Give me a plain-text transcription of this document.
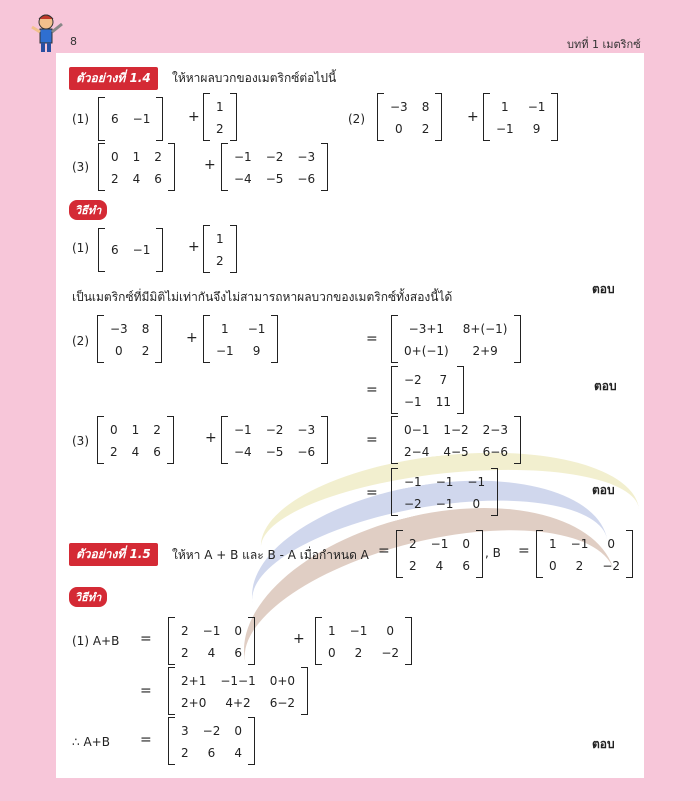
8	บทที่ 1 เมตริกซ์
ตัวอย่างที่ 1.4	ให้หาผลบวกของเมตริกซ์ต่อไปนี้
(1) 6 −1	+
1
2
(2)
−3 8
0	2
+
1	−1
−1	9
(3)
0 1 2
2 4 6
+ −1 −2 −3
−4 −5 −6
วิธีทำ
(1) 6 −1	+ 1
2
เป็นเมตริกซ์ที่มีมิติไม่เท่ากันจึงไม่สามารถหาผลบวกของเมตริกซ์ทั้งสองนี้ได้
ตอบ
(2)
−3 8
0	2
+
1	−1
−1	9
=
−3+1	8+(−1)
0+(−1)	2+9
=
−2	7
−1 11
ตอบ
(3)
0 1 2
2 4 6
+ −1 −2 −3
−4 −5 −6
=
0−1 1−2 2−3
2−4 4−5 6−6
=
−1 −1 −1
−2 −1	0
ตอบ
ตัวอย่างที่ 1.5	ให้หา A + B และ B - A เมื่อกำหนด A = 2 −1 0
2	4	6
, B = 1 −1	0
0	2	−2
วิธีทำ
(1) A+B = 2 −1 0
2	4	6
+ 1 −1	0
0	2	−2
=
2+1 −1−1 0+0
2+0	4+2	6−2
∴ A+B =
3 −2 0
2	6	4
ตอบ
